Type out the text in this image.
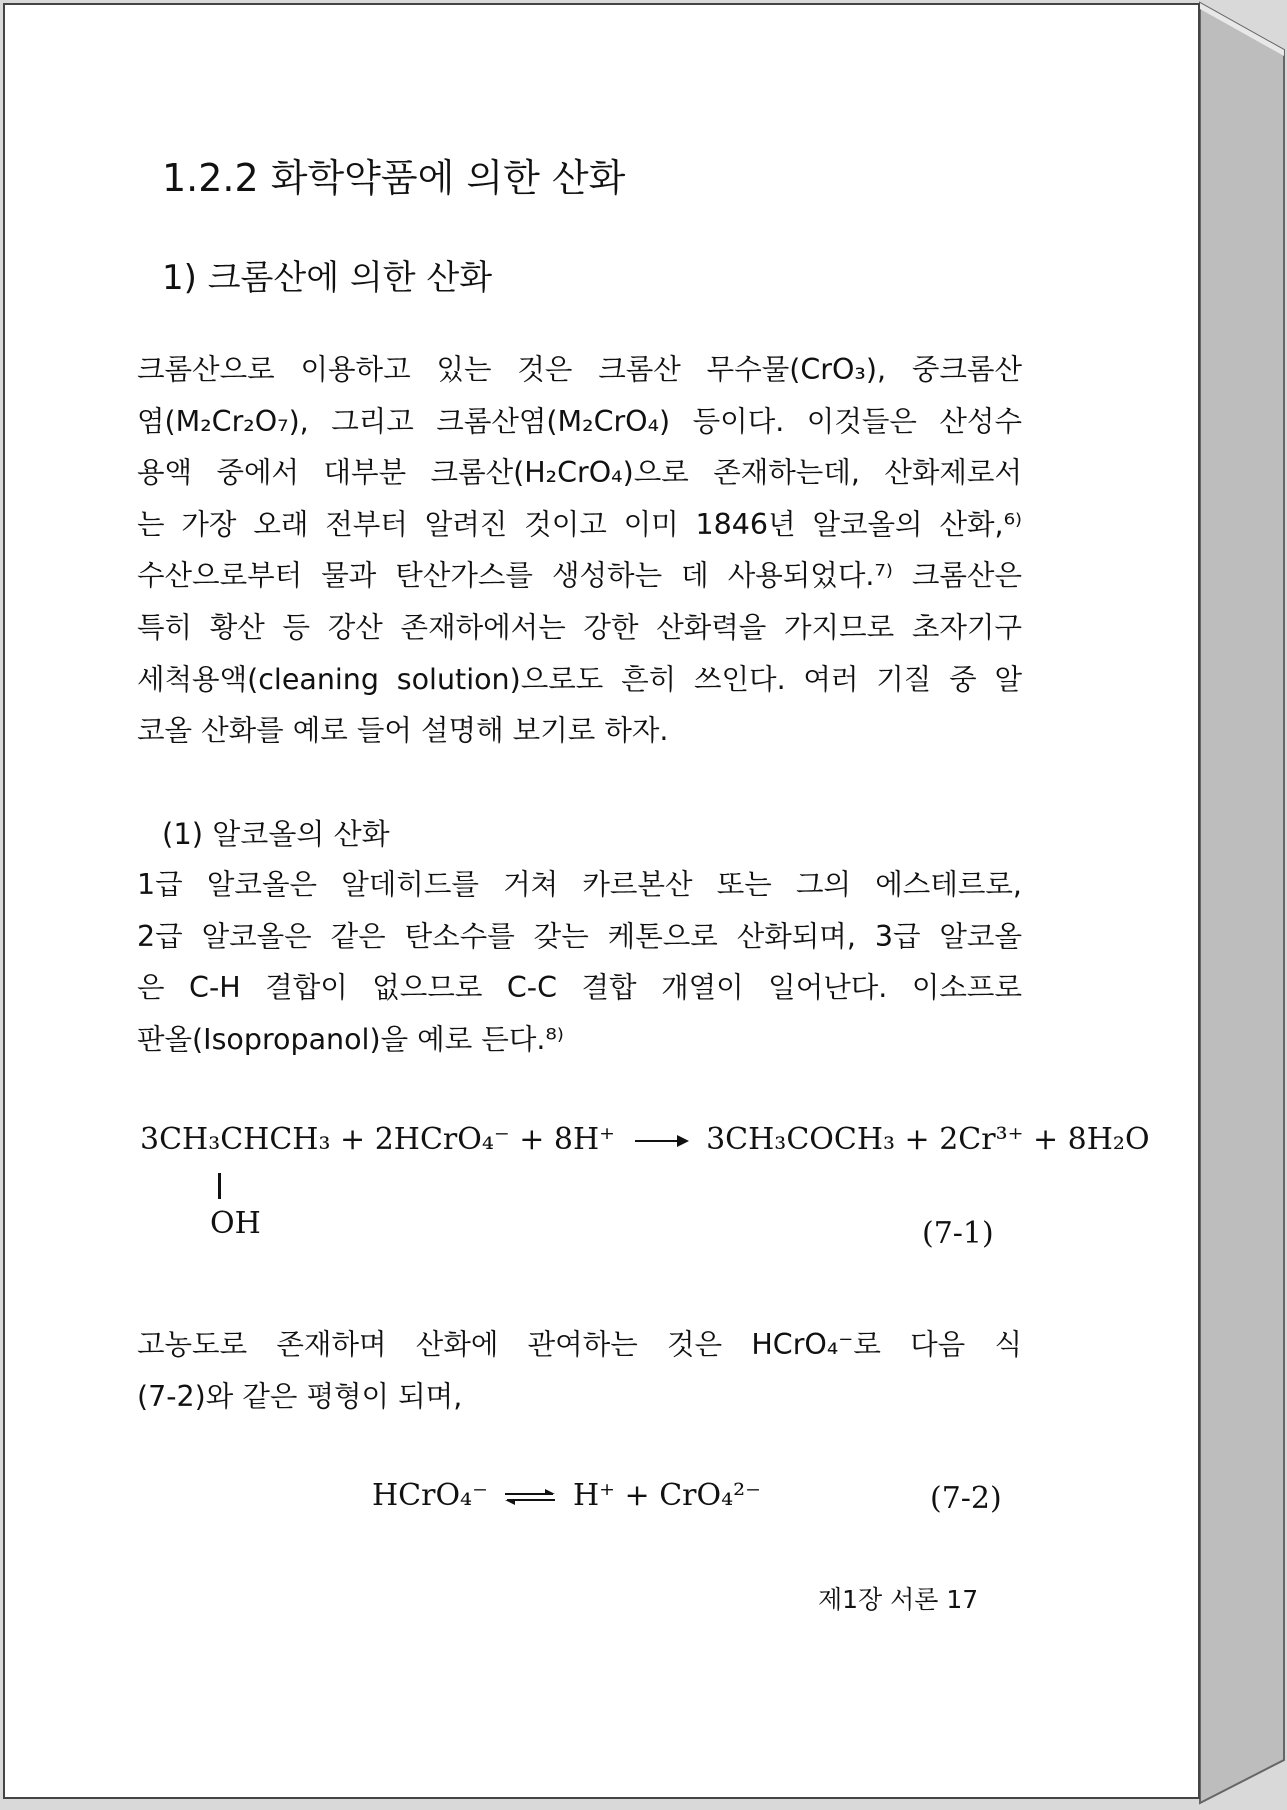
1.2.2 화학약품에 의한 산화
1) 크롬산에 의한 산화
크롬산으로 이용하고 있는 것은 크롬산 무수물(CrO₃), 중크롬산
염(M₂Cr₂O₇), 그리고 크롬산염(M₂CrO₄) 등이다. 이것들은 산성수
용액 중에서 대부분 크롬산(H₂CrO₄)으로 존재하는데, 산화제로서
는 가장 오래 전부터 알려진 것이고 이미 1846년 알코올의 산화,⁶⁾
수산으로부터 물과 탄산가스를 생성하는 데 사용되었다.⁷⁾ 크롬산은
특히 황산 등 강산 존재하에서는 강한 산화력을 가지므로 초자기구
세척용액(cleaning solution)으로도 흔히 쓰인다. 여러 기질 중 알
코올 산화를 예로 들어 설명해 보기로 하자.
(1) 알코올의 산화
1급 알코올은 알데히드를 거쳐 카르본산 또는 그의 에스테르로,
2급 알코올은 같은 탄소수를 갖는 케톤으로 산화되며, 3급 알코올
은 C-H 결합이 없으므로 C-C 결합 개열이 일어난다. 이소프로
판올(Isopropanol)을 예로 든다.⁸⁾
3CH₃CHCH₃ + 2HCrO₄⁻ + 8H⁺ → 3CH₃COCH₃ + 2Cr³⁺ + 8H₂O
OH	(7-1)
고농도로 존재하며 산화에 관여하는 것은 HCrO₄⁻로 다음 식
(7-2)와 같은 평형이 되며,
HCrO₄⁻ ⇌ H⁺ + CrO₄²⁻	(7-2)
제1장 서론 17
